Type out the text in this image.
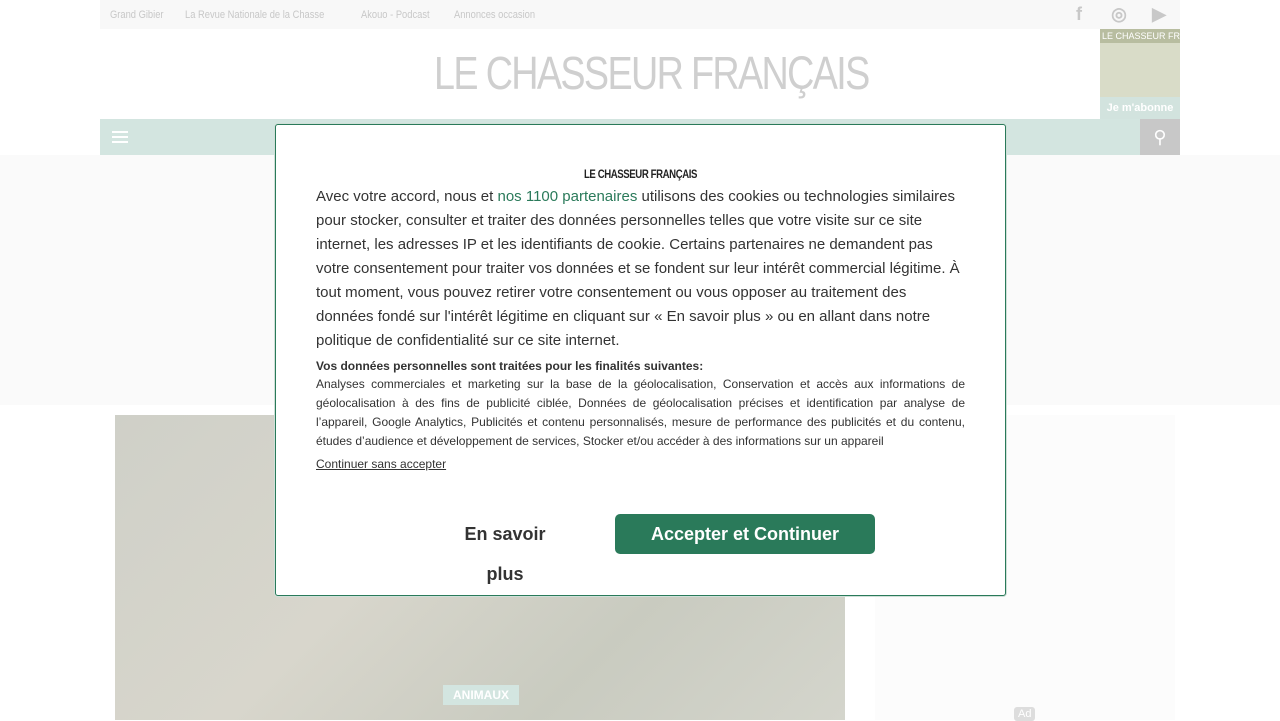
Grand Gibier La Revue Nationale de la Chasse	Akouo - Podcast Annonces occasion	f	◎ ▶
LE CHASSEUR FRANÇAIS
LE CHASSEUR FRANÇAIS
Je m'abonne
⚲
ANIMAUX
Ad
LE CHASSEUR FRANÇAIS

Avec votre accord, nous et nos 1100 partenaires utilisons des cookies ou technologies similaires pour stocker, consulter et traiter des données personnelles telles que votre visite sur ce site internet, les adresses IP et les identifiants de cookie. Certains partenaires ne demandent pas votre consentement pour traiter vos données et se fondent sur leur intérêt commercial légitime. À tout moment, vous pouvez retirer votre consentement ou vous opposer au traitement des données fondé sur l'intérêt légitime en cliquant sur « En savoir plus » ou en allant dans notre politique de confidentialité sur ce site internet.

Vos données personnelles sont traitées pour les finalités suivantes:
Analyses commerciales et marketing sur la base de la géolocalisation, Conservation et accès aux informations de géolocalisation à des fins de publicité ciblée, Données de géolocalisation précises et identification par analyse de l’appareil, Google Analytics, Publicités et contenu personnalisés, mesure de performance des publicités et du contenu, études d’audience et développement de services, Stocker et/ou accéder à des informations sur un appareil
Continuer sans accepter
En savoir plus
Accepter et Continuer
